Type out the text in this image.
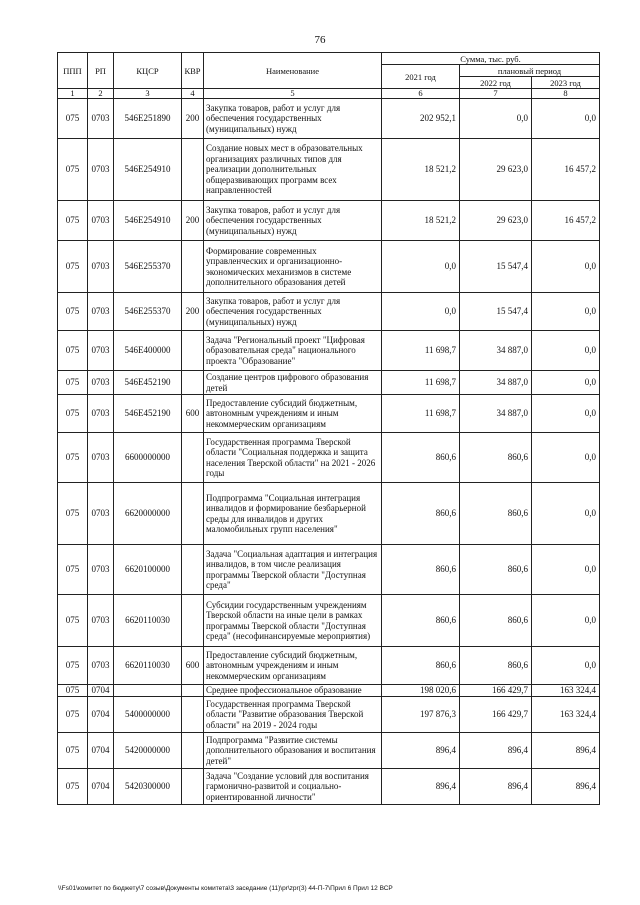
76
ППП	РП	КЦСР	КВР	Наименование	Сумма, тыс. руб.		
					2021 год	плановый период	
						2022 год	2023 год
1	2	3	4	5	6	7	8
075	0703	546E251890	200	Закупка товаров, работ и услуг для обеспечения государственных (муниципальных) нужд	202 952,1	0,0	0,0
075	0703	546E254910		Создание новых мест в образовательных организациях различных типов для реализации дополнительных общеразвивающих программ всех направленностей	18 521,2	29 623,0	16 457,2
075	0703	546E254910	200	Закупка товаров, работ и услуг для обеспечения государственных (муниципальных) нужд	18 521,2	29 623,0	16 457,2
075	0703	546E255370		Формирование современных управленческих и организационно-экономических механизмов в системе дополнительного образования детей	0,0	15 547,4	0,0
075	0703	546E255370	200	Закупка товаров, работ и услуг для обеспечения государственных (муниципальных) нужд	0,0	15 547,4	0,0
075	0703	546E400000		Задача "Региональный проект "Цифровая образовательная среда" национального проекта "Образование"	11 698,7	34 887,0	0,0
075	0703	546E452190		Создание центров цифрового образования детей	11 698,7	34 887,0	0,0
075	0703	546E452190	600	Предоставление субсидий бюджетным, автономным учреждениям и иным некоммерческим организациям	11 698,7	34 887,0	0,0
075	0703	6600000000		Государственная программа Тверской области "Социальная поддержка и защита населения Тверской области" на 2021 - 2026 годы	860,6	860,6	0,0
075	0703	6620000000		Подпрограмма "Социальная интеграция инвалидов и формирование безбарьерной среды для инвалидов и других маломобильных групп населения"	860,6	860,6	0,0
075	0703	6620100000		Задача "Социальная адаптация и интеграция инвалидов, в том числе реализация программы Тверской области "Доступная среда"	860,6	860,6	0,0
075	0703	6620110030		Субсидии государственным учреждениям Тверской области на иные цели в рамках программы Тверской области "Доступная среда" (несофинансируемые мероприятия)	860,6	860,6	0,0
075	0703	6620110030	600	Предоставление субсидий бюджетным, автономным учреждениям и иным некоммерческим организациям	860,6	860,6	0,0
075	0704			Среднее профессиональное образование	198 020,6	166 429,7	163 324,4
075	0704	5400000000		Государственная программа Тверской области "Развитие образования Тверской области" на 2019 - 2024 годы	197 876,3	166 429,7	163 324,4
075	0704	5420000000		Подпрограмма "Развитие системы дополнительного образования и воспитания детей"	896,4	896,4	896,4
075	0704	5420300000		Задача "Создание условий для воспитания гармонично-развитой и социально-ориентированной личности"	896,4	896,4	896,4
\\Fs01\комитет по бюджету\7 созыв\Документы комитета\3 заседание (11)\pr\zpr(3) 44-П-7\Прил 6 Прил 12 ВСР
